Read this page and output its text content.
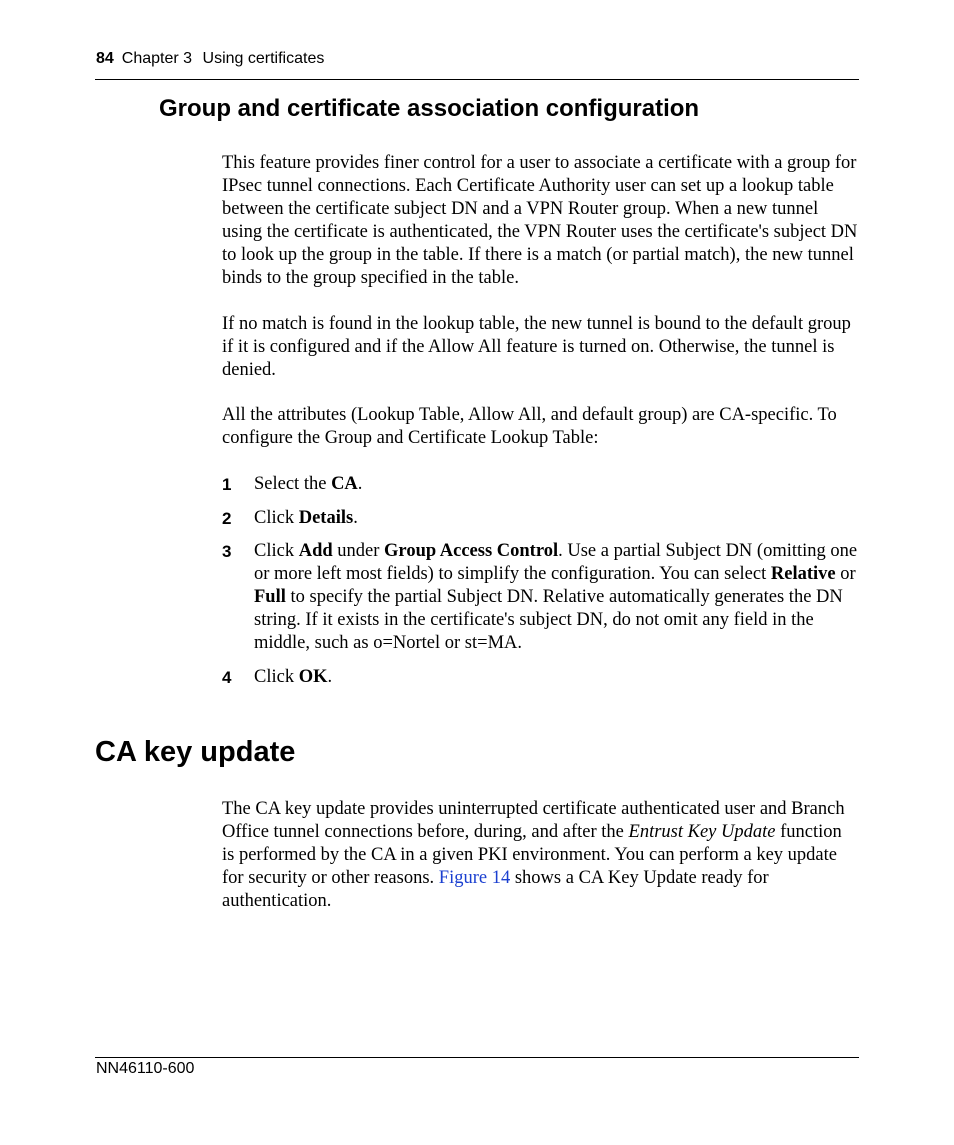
84 Chapter 3 Using certificates
Group and certificate association configuration

This feature provides finer control for a user to associate a certificate with a group for IPsec tunnel connections. Each Certificate Authority user can set up a lookup table between the certificate subject DN and a VPN Router group. When a new tunnel using the certificate is authenticated, the VPN Router uses the certificate's subject DN to look up the group in the table. If there is a match (or partial match), the new tunnel binds to the group specified in the table.

If no match is found in the lookup table, the new tunnel is bound to the default group if it is configured and if the Allow All feature is turned on. Otherwise, the tunnel is denied.

All the attributes (Lookup Table, Allow All, and default group) are CA-specific. To configure the Group and Certificate Lookup Table:

1 Select the CA.
2 Click Details.
3 Click Add under Group Access Control. Use a partial Subject DN (omitting one or more left most fields) to simplify the configuration. You can select Relative or Full to specify the partial Subject DN. Relative automatically generates the DN string. If it exists in the certificate's subject DN, do not omit any field in the middle, such as o=Nortel or st=MA.
4 Click OK.
CA key update

The CA key update provides uninterrupted certificate authenticated user and Branch Office tunnel connections before, during, and after the Entrust Key Update function is performed by the CA in a given PKI environment. You can perform a key update for security or other reasons. Figure 14 shows a CA Key Update ready for authentication.

NN46110-600
